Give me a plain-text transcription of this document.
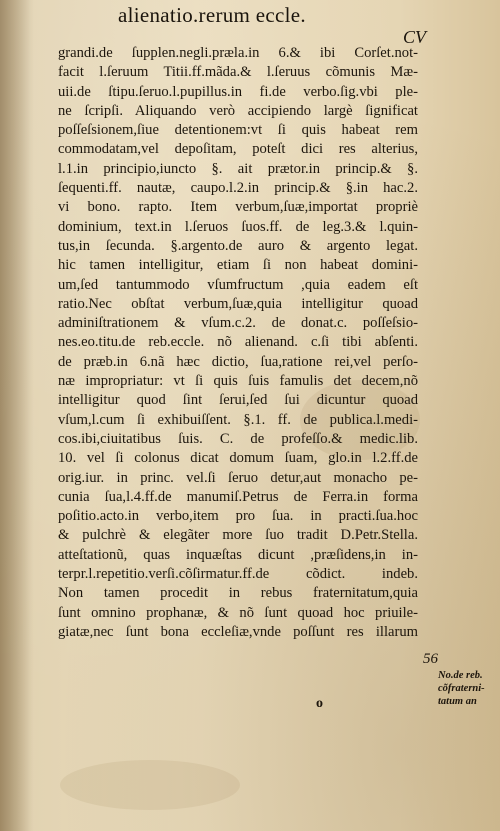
alienatio.rerum eccle.
CV
grandi.de ſupplen.negli.præla.in 6.& ibi Corſet.not-
facit l.ſeruum Titii.ff.mãda.& l.ſeruus cõmunis Mæ-
uii.de ſtipu.ſeruo.l.pupillus.in fi.de verbo.ſig.vbi ple-
ne ſcripſi. Aliquando verò accipiendo largè ſignificat
poſſeſsionem,ſiue detentionem:vt ſi quis habeat rem
commodatam,vel depoſitam, poteſt dici res alterius,
l.1.in principio,iuncto §. ait prætor.in princip.& §.
ſequenti.ff. nautæ, caupo.l.2.in princip.& §.in hac.2.
vi bono. rapto. Item verbum,ſuæ,importat propriè
dominium, text.in l.ſeruos ſuos.ff. de leg.3.& l.quin-
tus,in ſecunda. §.argento.de auro & argento legat.
hic tamen intelligitur, etiam ſi non habeat domini-
um,ſed tantummodo vſumfructum ,quia eadem eſt
ratio.Nec obſtat verbum,ſuæ,quia intelligitur quoad
adminiſtrationem & vſum.c.2. de donat.c. poſſeſsio-
nes.eo.titu.de reb.eccle. nõ alienand. c.ſi tibi abſenti.
de præb.in 6.nã hæc dictio, ſua,ratione rei,vel perſo-
næ impropriatur: vt ſi quis ſuis famulis det decem,nõ
intelligitur quod ſint ſerui,ſed ſui dicuntur quoad
vſum,l.cum ſi exhibuiſſent. §.1. ff. de publica.l.medi-
cos.ibi,ciuitatibus ſuis. C. de profeſſo.& medic.lib.
10. vel ſi colonus dicat domum ſuam, glo.in l.2.ff.de
orig.iur. in princ. vel.ſi ſeruo detur,aut monacho pe-
cunia ſua,l.4.ff.de manumiſ.Petrus de Ferra.in forma
poſitio.acto.in verbo,item pro ſua. in practi.ſua.hoc
& pulchrè & elegãter more ſuo tradit D.Petr.Stella.
atteſtationũ, quas inquæſtas dicunt ,præſidens,in in-
terpr.l.repetitio.verſi.cõſirmatur.ff.de cõdict. indeb.
Non tamen procedit in rebus fraternitatum,quia
ſunt omnino prophanæ, & nõ ſunt quoad hoc priuile-
giatæ,nec ſunt bona eccleſiæ,vnde poſſunt res illarum
56
No.de reb.
cõfraterni-
tatum an
o
